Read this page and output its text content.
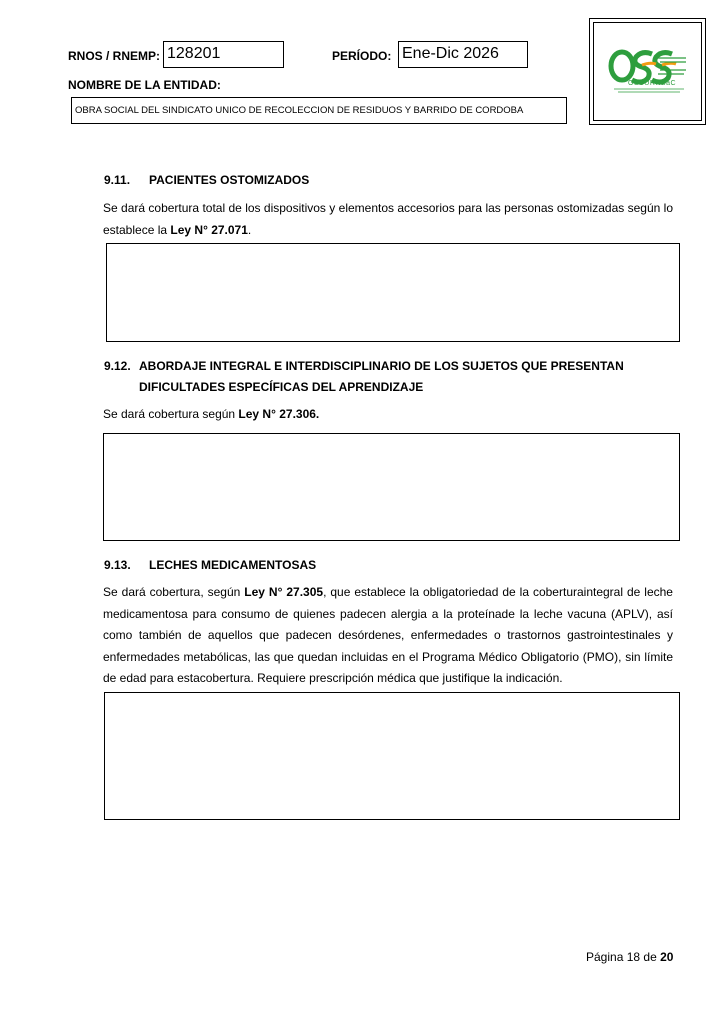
RNOS / RNEMP: 128201	PERÍODO: Ene-Dic 2026
NOMBRE DE LA ENTIDAD:
OBRA SOCIAL DEL SINDICATO UNICO DE RECOLECCION DE RESIDUOS Y BARRIDO DE CORDOBA
OSSURRBaC
9.11. PACIENTES OSTOMIZADOS
Se dará cobertura total de los dispositivos y elementos accesorios para las personas ostomizadas según lo establece la Ley N° 27.071.
9.12. ABORDAJE INTEGRAL E INTERDISCIPLINARIO DE LOS SUJETOS QUE PRESENTAN
DIFICULTADES ESPECÍFICAS DEL APRENDIZAJE
Se dará cobertura según Ley N° 27.306.
9.13. LECHES MEDICAMENTOSAS
Se dará cobertura, según Ley N° 27.305, que establece la obligatoriedad de la coberturaintegral de leche medicamentosa para consumo de quienes padecen alergia a la proteínade la leche vacuna (APLV), así como también de aquellos que padecen desórdenes, enfermedades o trastornos gastrointestinales y enfermedades metabólicas, las que quedan incluidas en el Programa Médico Obligatorio (PMO), sin límite de edad para estacobertura. Requiere prescripción médica que justifique la indicación.
Página 18 de 20
